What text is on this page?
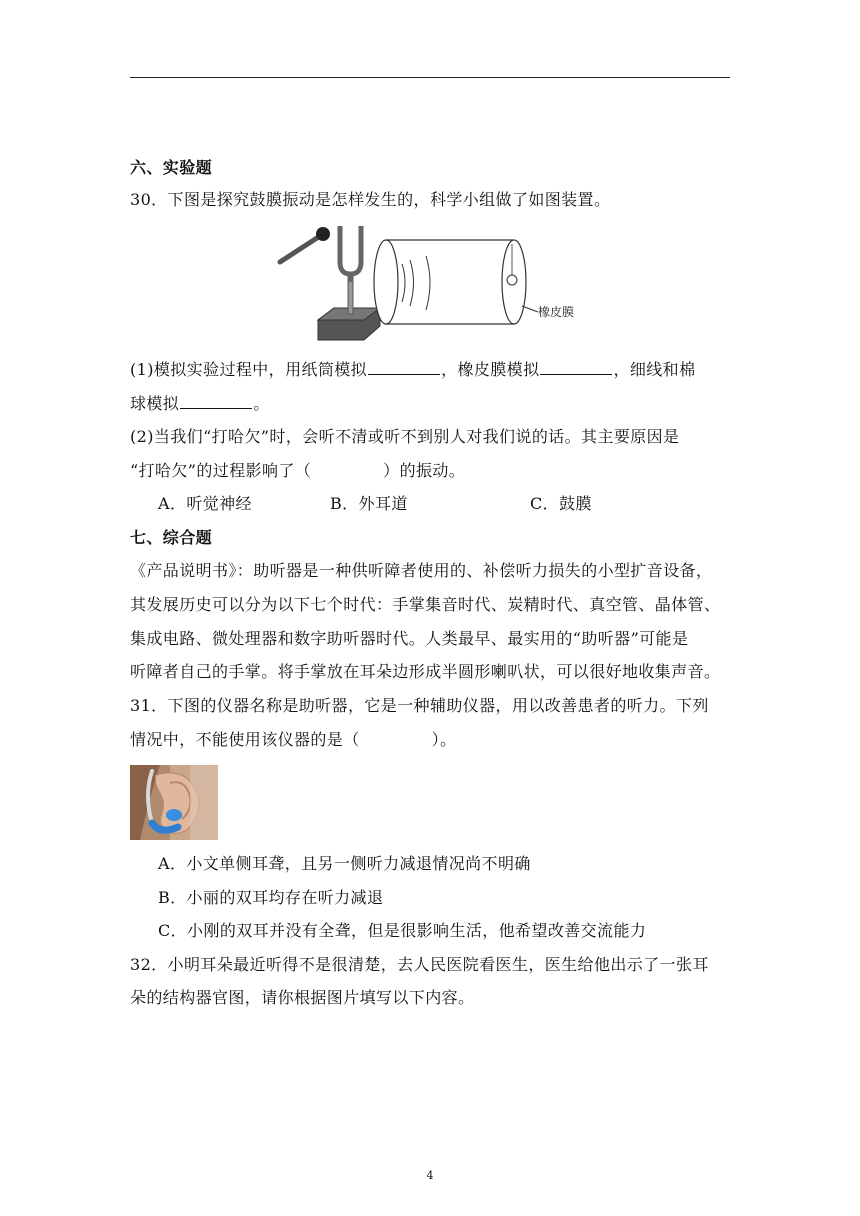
六、实验题
30．下图是探究鼓膜振动是怎样发生的，科学小组做了如图装置。
橡皮膜
(1)模拟实验过程中，用纸筒模拟	，橡皮膜模拟	，细线和棉
球模拟	。
(2)当我们“打哈欠”时，会听不清或听不到别人对我们说的话。其主要原因是
“打哈欠”的过程影响了（	）的振动。
A．听觉神经	B．外耳道	C．鼓膜
七、综合题
《产品说明书》：助听器是一种供听障者使用的、补偿听力损失的小型扩音设备，
其发展历史可以分为以下七个时代：手掌集音时代、炭精时代、真空管、晶体管、
集成电路、微处理器和数字助听器时代。人类最早、最实用的“助听器”可能是
听障者自己的手掌。将手掌放在耳朵边形成半圆形喇叭状，可以很好地收集声音。
31．下图的仪器名称是助听器，它是一种辅助仪器，用以改善患者的听力。下列
情况中，不能使用该仪器的是（	）。
A．小文单侧耳聋，且另一侧听力减退情况尚不明确
B．小丽的双耳均存在听力减退
C．小刚的双耳并没有全聋，但是很影响生活，他希望改善交流能力
32．小明耳朵最近听得不是很清楚，去人民医院看医生，医生给他出示了一张耳
朵的结构器官图，请你根据图片填写以下内容。
4
